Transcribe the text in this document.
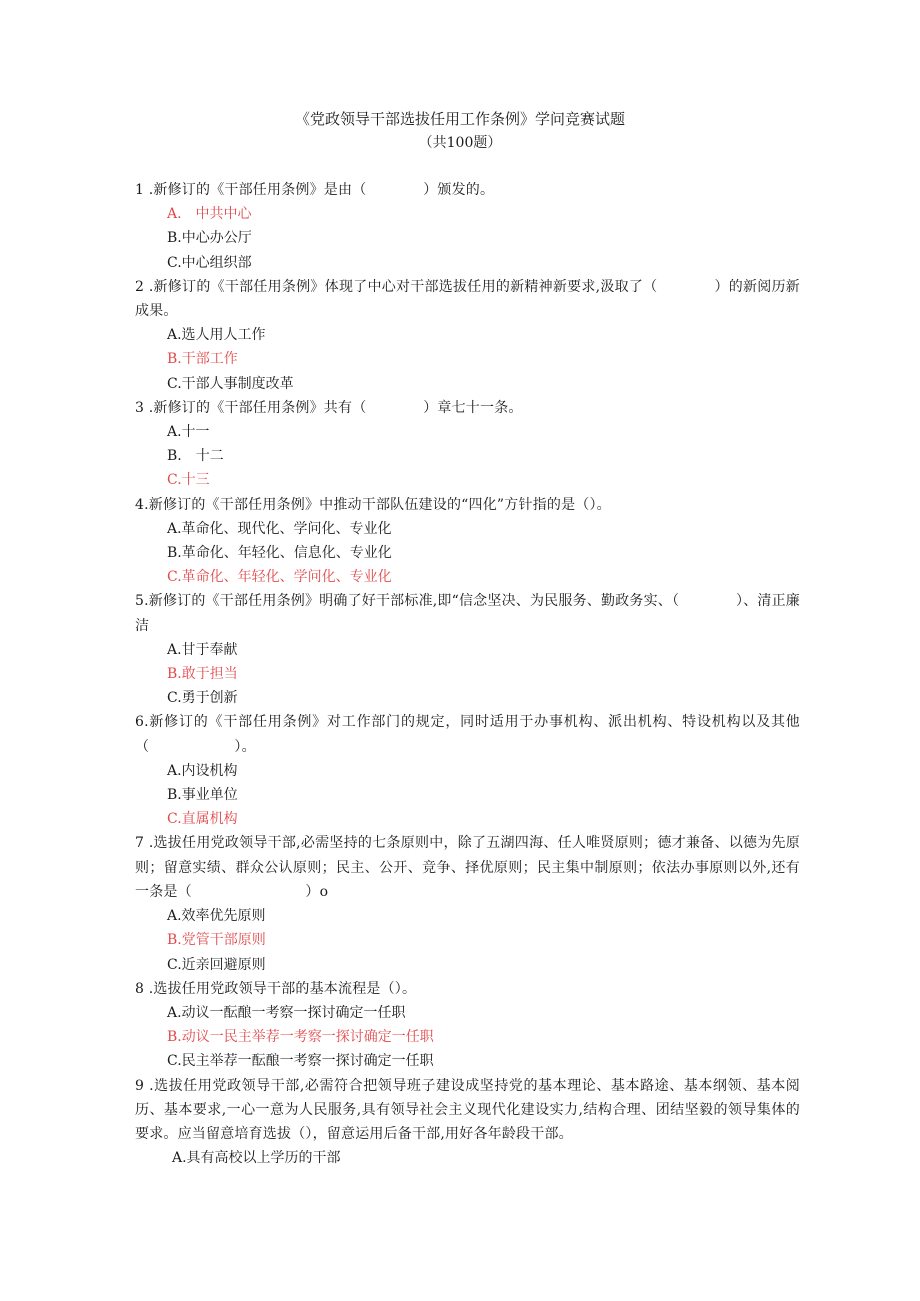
《党政领导干部选拔任用工作条例》学问竞赛试题
（共100题）
1 .新修订的《干部任用条例》是由（　　　　）颁发的。
A.　中共中心
B.中心办公厅
C.中心组织部
2 .新修订的《干部任用条例》体现了中心对干部选拔任用的新精神新要求,汲取了（　　　　）的新阅历新成果。
A.选人用人工作
B.干部工作
C.干部人事制度改革
3 .新修订的《干部任用条例》共有（　　　　）章七十一条。
A.十一
B.　十二
C.十三
4.新修订的《干部任用条例》中推动干部队伍建设的“四化”方针指的是（）。
A.革命化、现代化、学问化、专业化
B.革命化、年轻化、信息化、专业化
C.革命化、年轻化、学问化、专业化
5.新修订的《干部任用条例》明确了好干部标准,即“信念坚决、为民服务、勤政务实、（　　　　）、清正廉洁
A.甘于奉献
B.敢于担当
C.勇于创新
6.新修订的《干部任用条例》对工作部门的规定，同时适用于办事机构、派出机构、特设机构以及其他（　　　　　　）。
A.内设机构
B.事业单位
C.直属机构
7 .选拔任用党政领导干部,必需坚持的七条原则中，除了五湖四海、任人唯贤原则；德才兼备、以德为先原则；留意实绩、群众公认原则；民主、公开、竞争、择优原则；民主集中制原则；依法办事原则以外,还有一条是（　　　　　　　　）o
A.效率优先原则
B.党管干部原则
C.近亲回避原则
8 .选拔任用党政领导干部的基本流程是（）。
A.动议一酝酿一考察一探讨确定一任职
B.动议一民主举荐一考察一探讨确定一任职
C.民主举荐一酝酿一考察一探讨确定一任职
9 .选拔任用党政领导干部,必需符合把领导班子建设成坚持党的基本理论、基本路途、基本纲领、基本阅历、基本要求,一心一意为人民服务,具有领导社会主义现代化建设实力,结构合理、团结坚毅的领导集体的要求。应当留意培育选拔（），留意运用后备干部,用好各年龄段干部。
A.具有高校以上学历的干部
